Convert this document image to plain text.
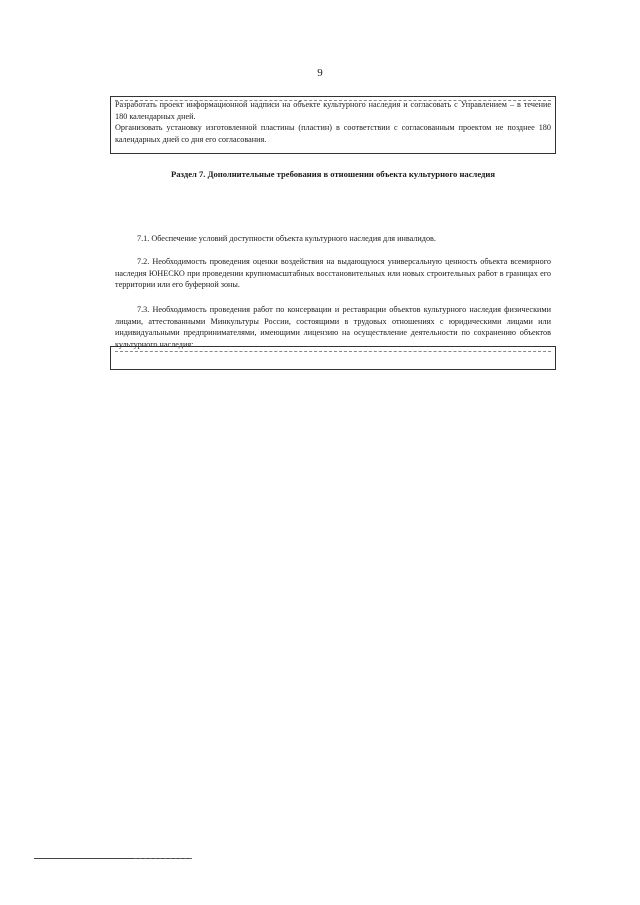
9

Разработать проект информационной надписи на объекте культурного наследия и согласовать с Управлением – в течение 180 календарных дней.

Организовать установку изготовленной пластины (пластин) в соответствии с согласованным проектом не позднее 180 календарных дней со дня его согласования.

Раздел 7. Дополнительные требования в отношении объекта культурного наследия

7.1. Обеспечение условий доступности объекта культурного наследия для инвалидов.

7.2. Необходимость проведения оценки воздействия на выдающуюся универсальную ценность объекта всемирного наследия ЮНЕСКО при проведении крупномасштабных восстановительных или новых строительных работ в границах его территории или его буферной зоны.

7.3. Необходимость проведения работ по консервации и реставрации объектов культурного наследия физическими лицами, аттестованными Минкультуры России, состоящими в трудовых отношениях с юридическими лицами или индивидуальными предпринимателями, имеющими лицензию на осуществление деятельности по сохранению объектов культурного наследия:
